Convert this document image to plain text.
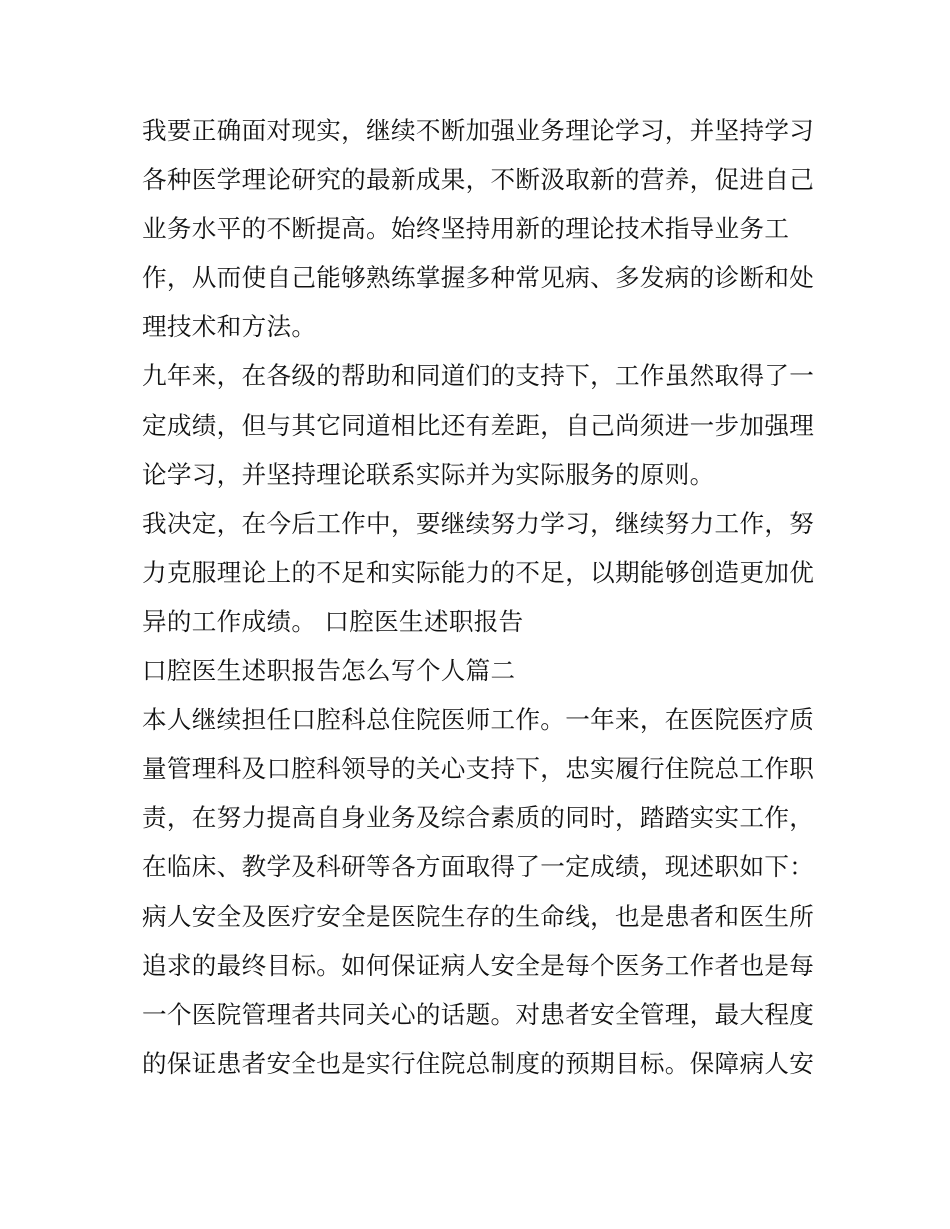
我要正确面对现实，继续不断加强业务理论学习，并坚持学习
各种医学理论研究的最新成果，不断汲取新的营养，促进自己
业务水平的不断提高。始终坚持用新的理论技术指导业务工
作，从而使自己能够熟练掌握多种常见病、多发病的诊断和处
理技术和方法。
九年来，在各级的帮助和同道们的支持下，工作虽然取得了一
定成绩，但与其它同道相比还有差距，自己尚须进一步加强理
论学习，并坚持理论联系实际并为实际服务的原则。
我决定，在今后工作中，要继续努力学习，继续努力工作，努
力克服理论上的不足和实际能力的不足，以期能够创造更加优
异的工作成绩。 口腔医生述职报告
口腔医生述职报告怎么写个人篇二
本人继续担任口腔科总住院医师工作。一年来，在医院医疗质
量管理科及口腔科领导的关心支持下，忠实履行住院总工作职
责，在努力提高自身业务及综合素质的同时，踏踏实实工作，
在临床、教学及科研等各方面取得了一定成绩，现述职如下：
病人安全及医疗安全是医院生存的生命线，也是患者和医生所
追求的最终目标。如何保证病人安全是每个医务工作者也是每
一个医院管理者共同关心的话题。对患者安全管理，最大程度
的保证患者安全也是实行住院总制度的预期目标。保障病人安
